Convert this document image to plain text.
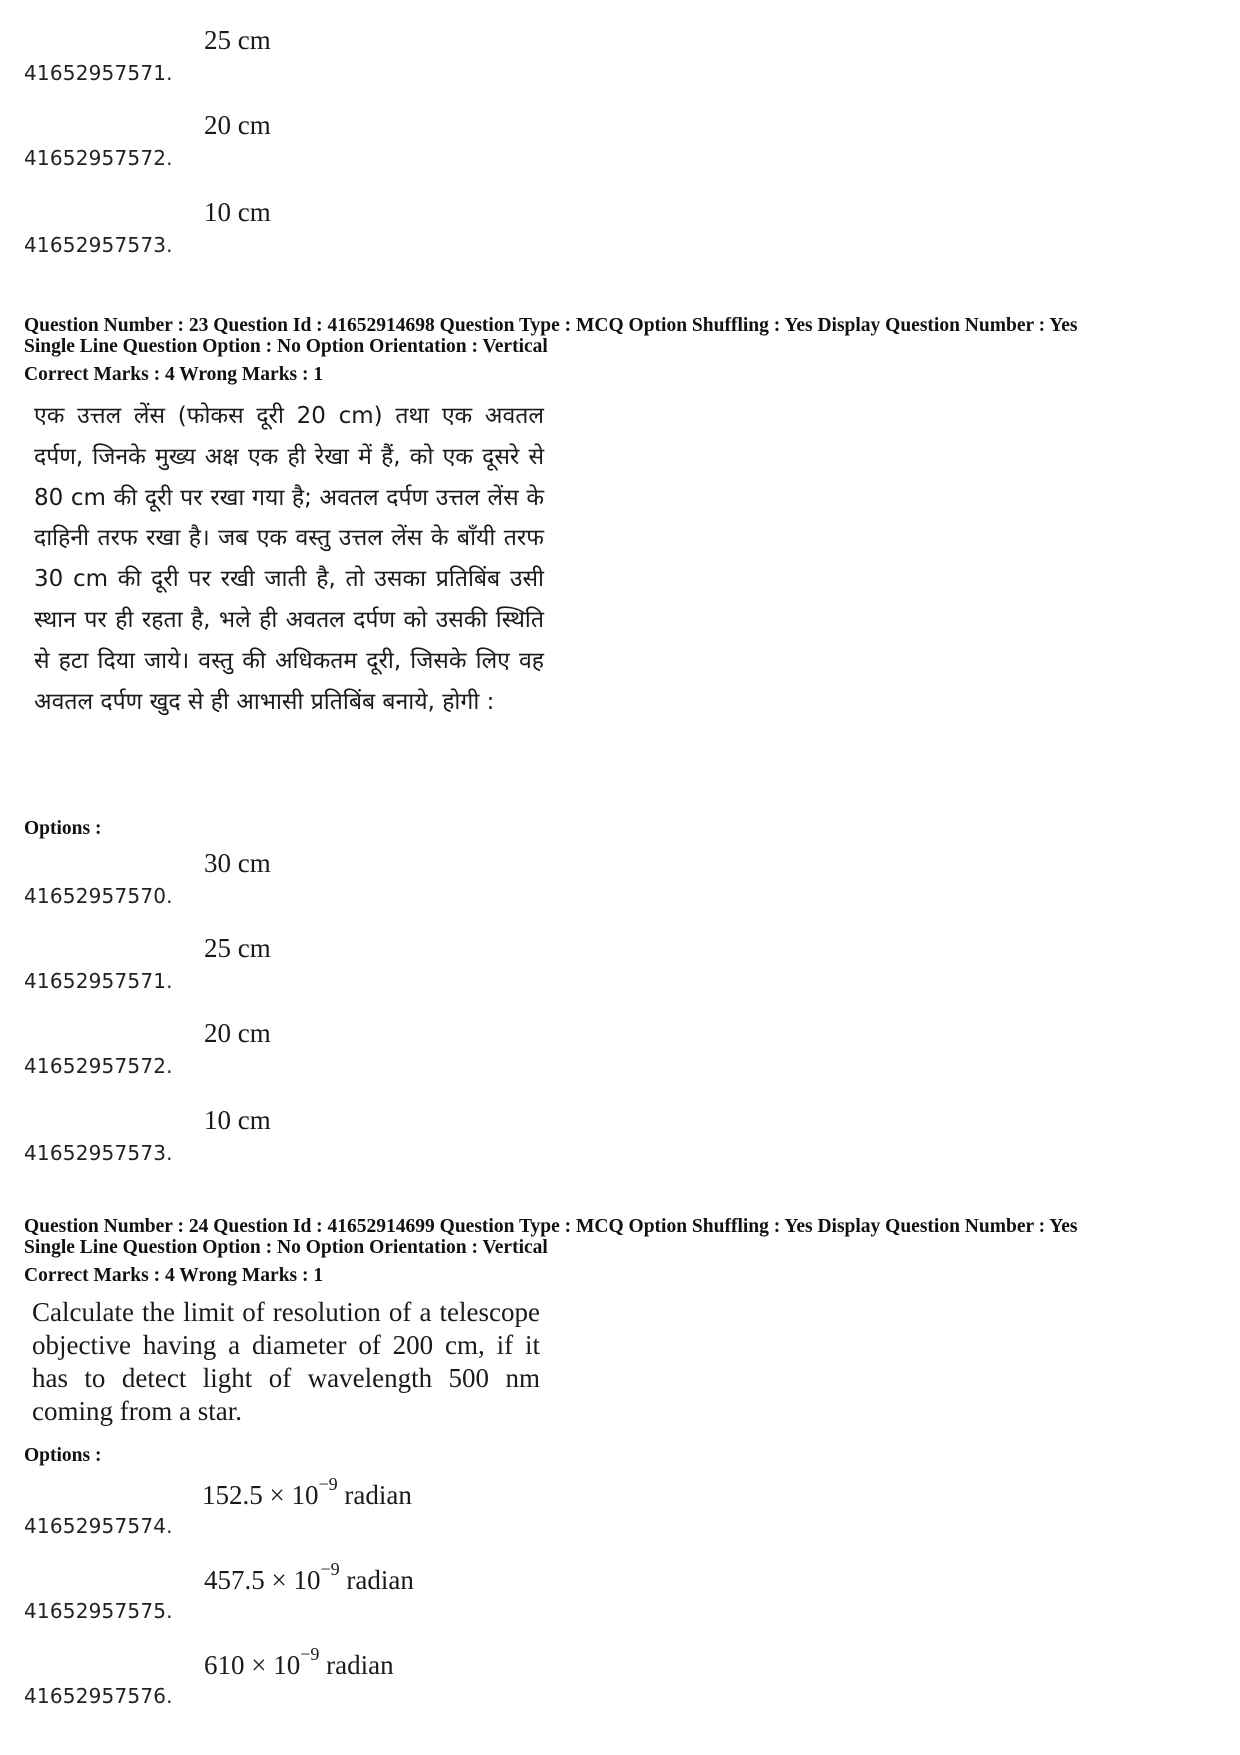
41652957571.
25 cm
41652957572.
20 cm
41652957573.
10 cm
Question Number : 23 Question Id : 41652914698 Question Type : MCQ Option Shuffling : Yes Display Question Number : Yes
Single Line Question Option : No Option Orientation : Vertical
Correct Marks : 4 Wrong Marks : 1
एक उत्तल लेंस (फोकस दूरी 20 cm) तथा एक अवतल दर्पण, जिनके मुख्य अक्ष एक ही रेखा में हैं, को एक दूसरे से 80 cm की दूरी पर रखा गया है; अवतल दर्पण उत्तल लेंस के दाहिनी तरफ रखा है। जब एक वस्तु उत्तल लेंस के बाँयी तरफ 30 cm की दूरी पर रखी जाती है, तो उसका प्रतिबिंब उसी स्थान पर ही रहता है, भले ही अवतल दर्पण को उसकी स्थिति से हटा दिया जाये। वस्तु की अधिकतम दूरी, जिसके लिए वह अवतल दर्पण खुद से ही आभासी प्रतिबिंब बनाये, होगी :
Options :
41652957570.
30 cm
41652957571.
25 cm
41652957572.
20 cm
41652957573.
10 cm
Question Number : 24 Question Id : 41652914699 Question Type : MCQ Option Shuffling : Yes Display Question Number : Yes
Single Line Question Option : No Option Orientation : Vertical
Correct Marks : 4 Wrong Marks : 1
Calculate the limit of resolution of a telescope objective having a diameter of 200 cm, if it has to detect light of wavelength 500 nm coming from a star.
Options :
41652957574.
$152.5 \times 10^{-9}$ radian
41652957575.
$457.5 \times 10^{-9}$ radian
41652957576.
$610 \times 10^{-9}$ radian
